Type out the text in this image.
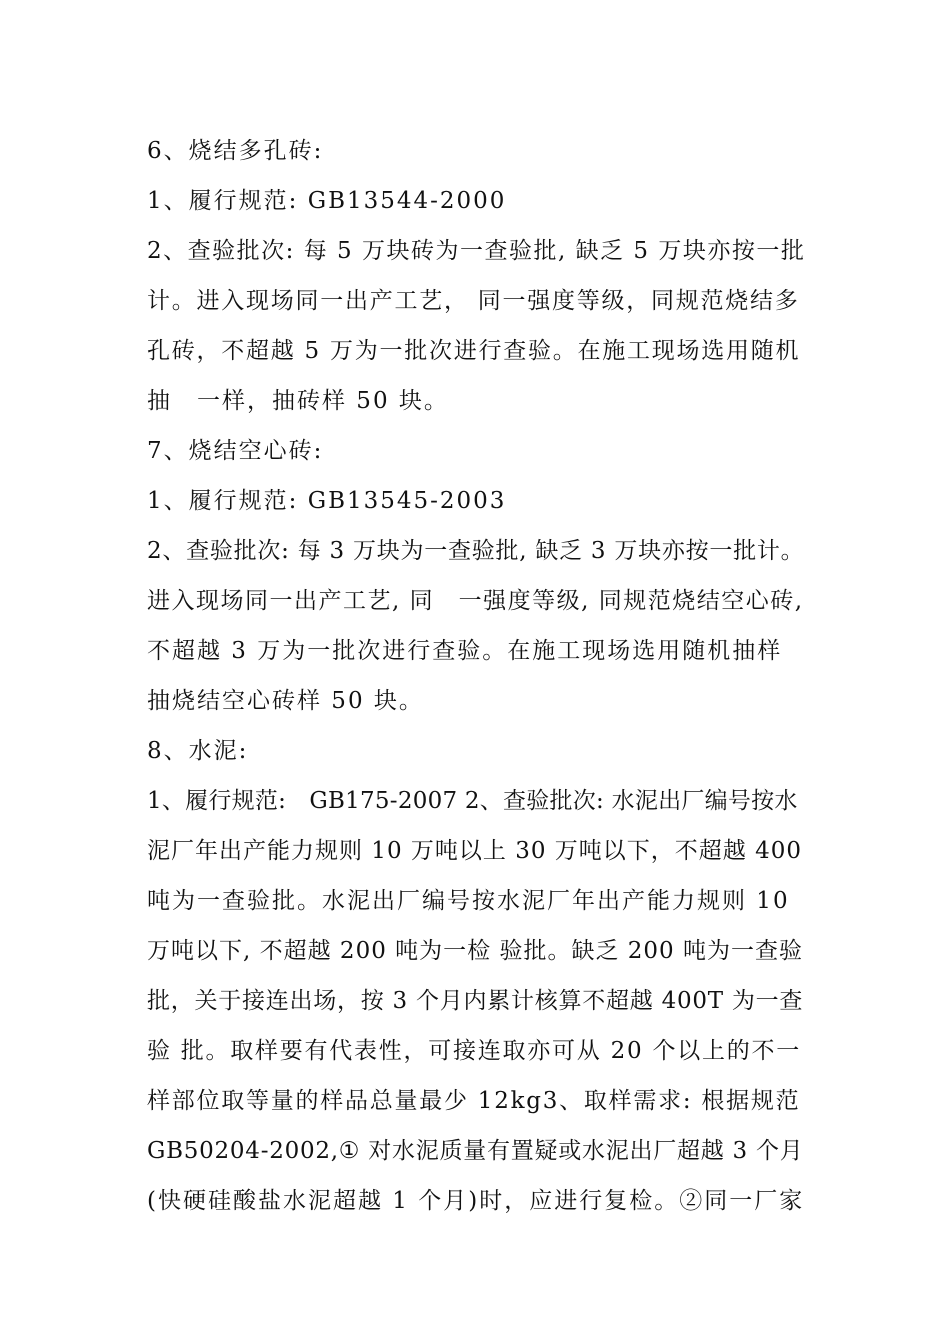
6、烧结多孔砖:
1、履行规范: GB13544-2000
2、查验批次: 每 5 万块砖为一查验批, 缺乏 5 万块亦按一批
计。进入现场同一出产工艺， 同一强度等级，同规范烧结多
孔砖，不超越 5 万为一批次进行查验。在施工现场选用随机
抽　一样，抽砖样 50 块。
7、烧结空心砖:
1、履行规范: GB13545-2003
2、查验批次: 每 3 万块为一查验批, 缺乏 3 万块亦按一批计。
进入现场同一出产工艺, 同　一强度等级, 同规范烧结空心砖,
不超越 3 万为一批次进行查验。在施工现场选用随机抽样
抽烧结空心砖样 50 块。
8、水泥:
1、履行规范:　GB175-2007 2、查验批次: 水泥出厂编号按水
泥厂年出产能力规则 10 万吨以上 30 万吨以下，不超越 400
吨为一查验批。水泥出厂编号按水泥厂年出产能力规则 10
万吨以下, 不超越 200 吨为一检 验批。缺乏 200 吨为一查验
批，关于接连出场，按 3 个月内累计核算不超越 400T 为一查
验 批。取样要有代表性，可接连取亦可从 20 个以上的不一
样部位取等量的样品总量最少 12kg3、取样需求: 根据规范
GB50204-2002,① 对水泥质量有置疑或水泥出厂超越 3 个月
(快硬硅酸盐水泥超越 1 个月)时，应进行复检。②同一厂家
